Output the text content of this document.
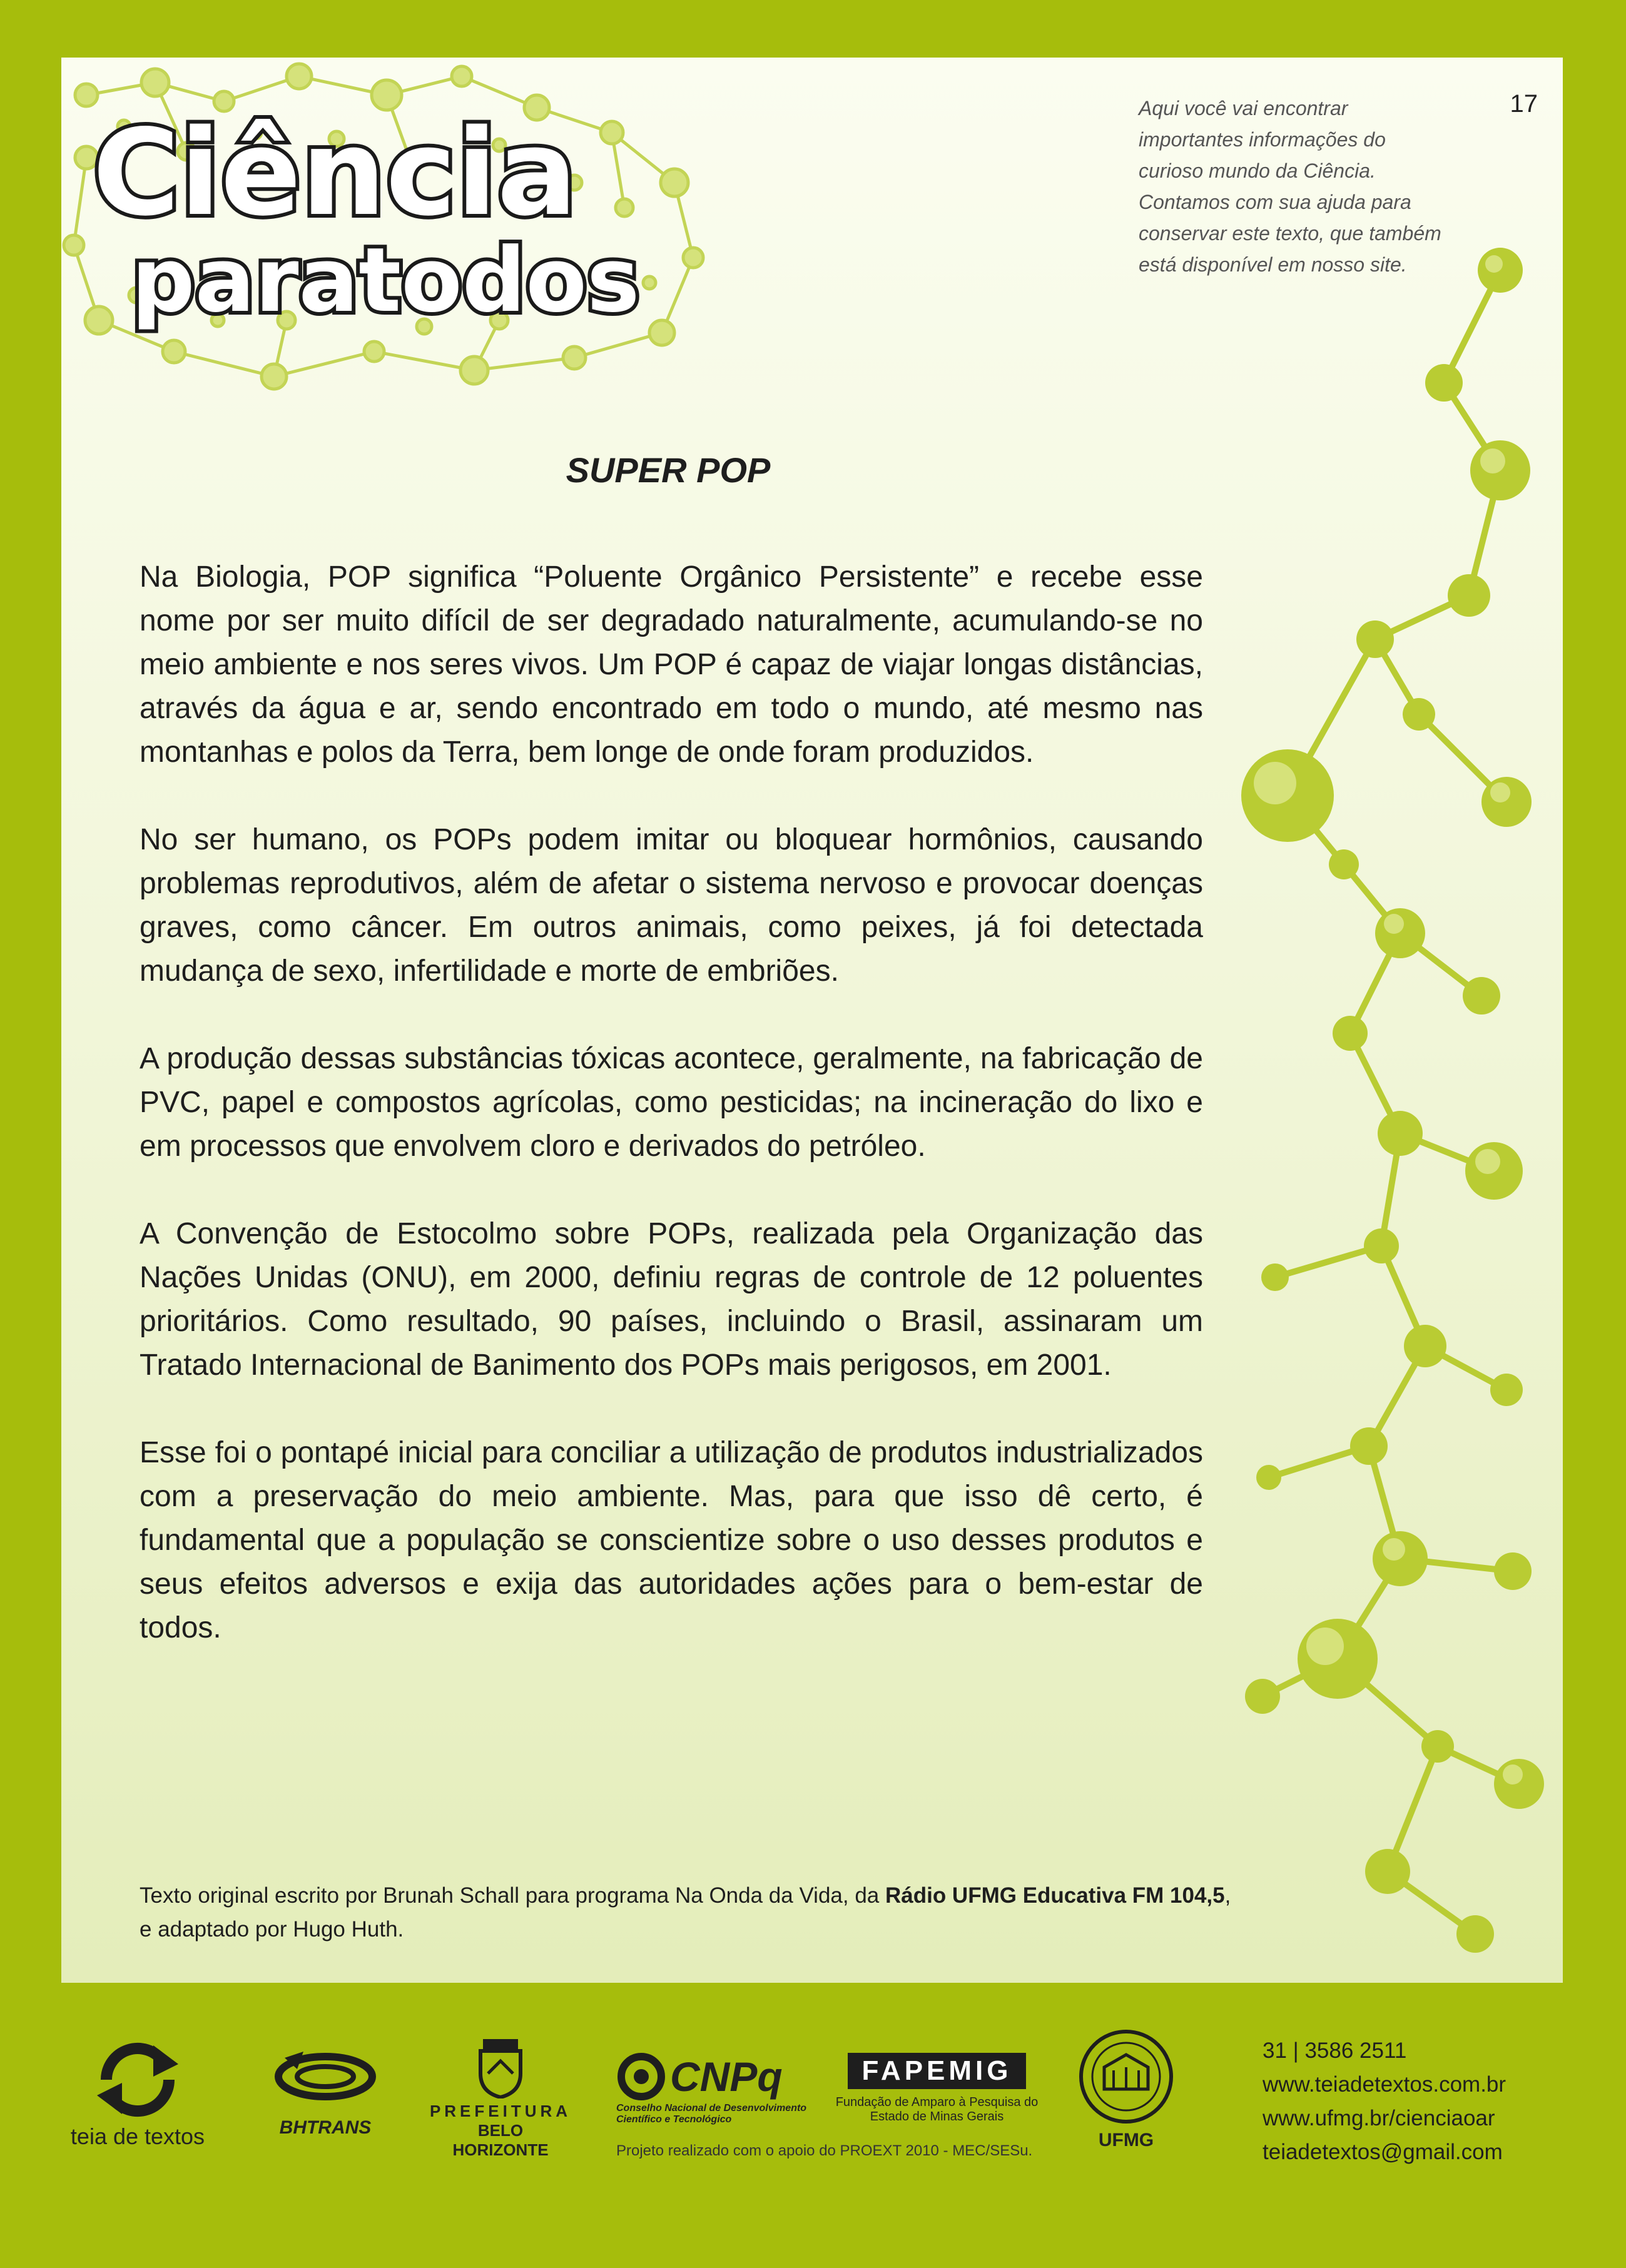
Ciência
paratodos
17
Aqui você vai encontrar
importantes informações do
curioso mundo da Ciência.
Contamos com sua ajuda para
conservar este texto, que também
está disponível em nosso site.
SUPER POP

Na Biologia, POP significa “Poluente Orgânico Persistente” e recebe esse nome por ser muito difícil de ser degradado naturalmente, acumulando-se no meio ambiente e nos seres vivos. Um POP é capaz de viajar longas distâncias, através da água e ar, sendo encontrado em todo o mundo, até mesmo nas montanhas e polos da Terra, bem longe de onde foram produzidos.

No ser humano, os POPs podem imitar ou bloquear hormônios, causando problemas reprodutivos, além de afetar o sistema nervoso e provocar doenças graves, como câncer. Em outros animais, como peixes, já foi detectada mudança de sexo, infertilidade e morte de embriões.

A produção dessas substâncias tóxicas acontece, geralmente, na fabricação de PVC, papel e compostos agrícolas, como pesticidas; na incineração do lixo e em processos que envolvem cloro e derivados do petróleo.

A Convenção de Estocolmo sobre POPs, realizada pela Organização das Nações Unidas (ONU), em 2000, definiu regras de controle de 12 poluentes prioritários. Como resultado, 90 países, incluindo o Brasil, assinaram um Tratado Internacional de Banimento dos POPs mais perigosos, em 2001.

Esse foi o pontapé inicial para conciliar a utilização de produtos industrializados com a preservação do meio ambiente. Mas, para que isso dê certo, é fundamental que a população se conscientize sobre o uso desses produtos e seus efeitos adversos e exija das autoridades ações para o bem-estar de todos.

Texto original escrito por Brunah Schall para programa Na Onda da Vida, da Rádio UFMG Educativa FM 104,5, e adaptado por Hugo Huth.
teia de textos	BHTRANS
PREFEITURA
BELO HORIZONTE
CNPq
Conselho Nacional de Desenvolvimento
Científico e Tecnológico
FAPEMIG
Fundação de Amparo à Pesquisa do
Estado de Minas Gerais
UFMG
Projeto realizado com o apoio do PROEXT 2010 - MEC/SESu.
31 | 3586 2511
www.teiadetextos.com.br
www.ufmg.br/cienciaoar
teiadetextos@gmail.com
